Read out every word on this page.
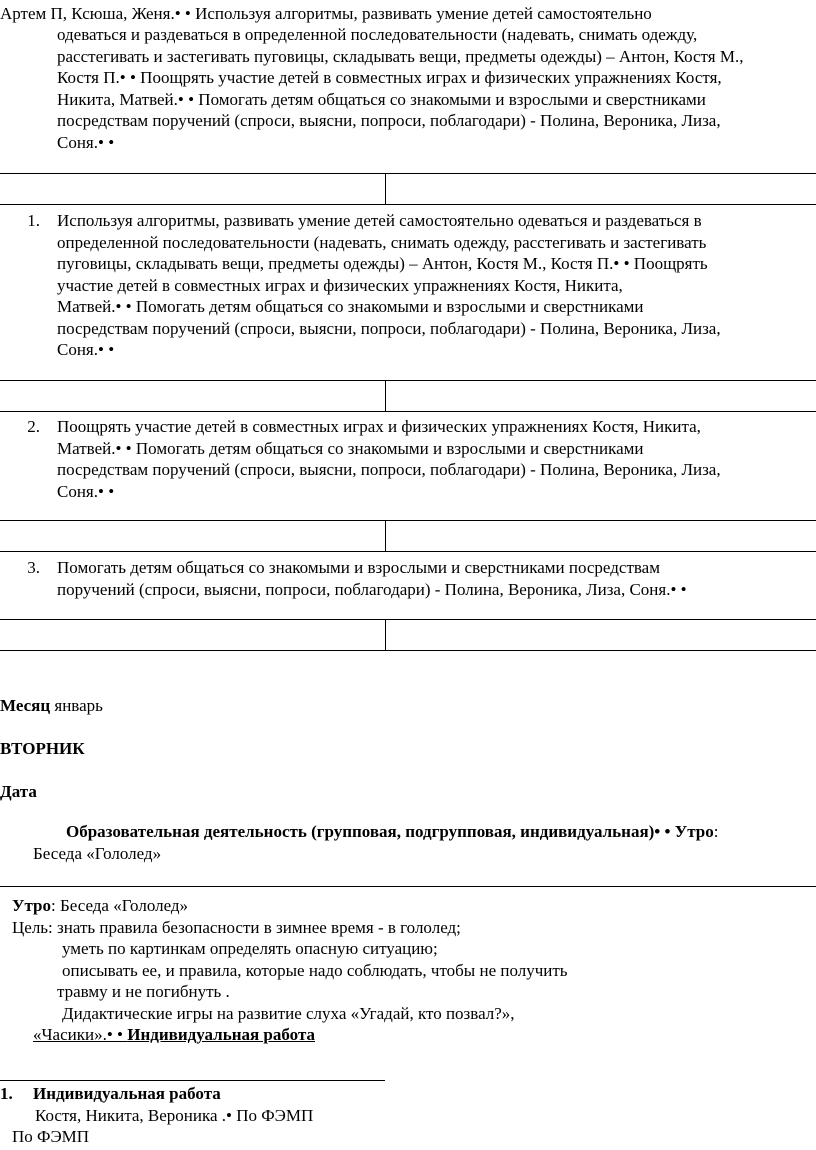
Артем П, Ксюша, Женя.• • Используя алгоритмы, развивать умение детей самостоятельно
одеваться и раздеваться в определенной последовательности (надевать, снимать одежду,
расстегивать и застегивать пуговицы, складывать вещи, предметы одежды) – Антон, Костя М.,
Костя П.• • Поощрять участие детей в совместных играх и физических упражнениях Костя,
Никита, Матвей.• • Помогать детям общаться со знакомыми и взрослыми и сверстниками
посредствам поручений (спроси, выясни, попроси, поблагодари) - Полина, Вероника, Лиза,
Соня.• •
1. Используя алгоритмы, развивать умение детей самостоятельно одеваться и раздеваться в
определенной последовательности (надевать, снимать одежду, расстегивать и застегивать
пуговицы, складывать вещи, предметы одежды) – Антон, Костя М., Костя П.• • Поощрять
участие детей в совместных играх и физических упражнениях Костя, Никита,
Матвей.• • Помогать детям общаться со знакомыми и взрослыми и сверстниками
посредствам поручений (спроси, выясни, попроси, поблагодари) - Полина, Вероника, Лиза,
Соня.• •
2. Поощрять участие детей в совместных играх и физических упражнениях Костя, Никита,
Матвей.• • Помогать детям общаться со знакомыми и взрослыми и сверстниками
посредствам поручений (спроси, выясни, попроси, поблагодари) - Полина, Вероника, Лиза,
Соня.• •
3. Помогать детям общаться со знакомыми и взрослыми и сверстниками посредствам
поручений (спроси, выясни, попроси, поблагодари) - Полина, Вероника, Лиза, Соня.• •
Месяц январь
ВТОРНИК
Дата
Образовательная деятельность (групповая, подгрупповая, индивидуальная)• • Утро:
Беседа «Гололед»
Утро: Беседа «Гололед»
Цель: знать правила безопасности в зимнее время - в гололед;
уметь по картинкам определять опасную ситуацию;
описывать ее, и правила, которые надо соблюдать, чтобы не получить
травму и не погибнуть .
Дидактические игры на развитие слуха «Угадай, кто позвал?»,
«Часики».• • Индивидуальная работа
1. Индивидуальная работа
Костя, Никита, Вероника .• По ФЭМП
По ФЭМП
